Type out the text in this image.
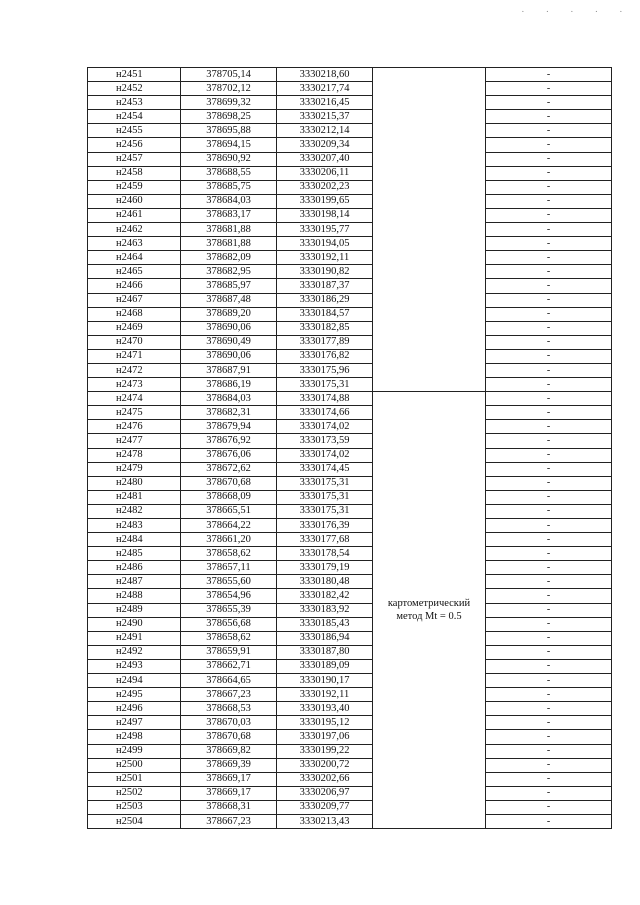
. . . . .
н2451	378705,14	3330218,60		-
н2452	378702,12	3330217,74		-
н2453	378699,32	3330216,45		-
н2454	378698,25	3330215,37		-
н2455	378695,88	3330212,14		-
н2456	378694,15	3330209,34		-
н2457	378690,92	3330207,40		-
н2458	378688,55	3330206,11		-
н2459	378685,75	3330202,23		-
н2460	378684,03	3330199,65		-
н2461	378683,17	3330198,14		-
н2462	378681,88	3330195,77		-
н2463	378681,88	3330194,05		-
н2464	378682,09	3330192,11		-
н2465	378682,95	3330190,82		-
н2466	378685,97	3330187,37		-
н2467	378687,48	3330186,29		-
н2468	378689,20	3330184,57		-
н2469	378690,06	3330182,85		-
н2470	378690,49	3330177,89		-
н2471	378690,06	3330176,82		-
н2472	378687,91	3330175,96		-
н2473	378686,19	3330175,31		-
н2474	378684,03	3330174,88	картометрический метод Mt = 0.5	-
н2475	378682,31	3330174,66		-
н2476	378679,94	3330174,02		-
н2477	378676,92	3330173,59		-
н2478	378676,06	3330174,02		-
н2479	378672,62	3330174,45		-
н2480	378670,68	3330175,31		-
н2481	378668,09	3330175,31		-
н2482	378665,51	3330175,31		-
н2483	378664,22	3330176,39		-
н2484	378661,20	3330177,68		-
н2485	378658,62	3330178,54		-
н2486	378657,11	3330179,19		-
н2487	378655,60	3330180,48		-
н2488	378654,96	3330182,42		-
н2489	378655,39	3330183,92		-
н2490	378656,68	3330185,43		-
н2491	378658,62	3330186,94		-
н2492	378659,91	3330187,80		-
н2493	378662,71	3330189,09		-
н2494	378664,65	3330190,17		-
н2495	378667,23	3330192,11		-
н2496	378668,53	3330193,40		-
н2497	378670,03	3330195,12		-
н2498	378670,68	3330197,06		-
н2499	378669,82	3330199,22		-
н2500	378669,39	3330200,72		-
н2501	378669,17	3330202,66		-
н2502	378669,17	3330206,97		-
н2503	378668,31	3330209,77		-
н2504	378667,23	3330213,43		-
